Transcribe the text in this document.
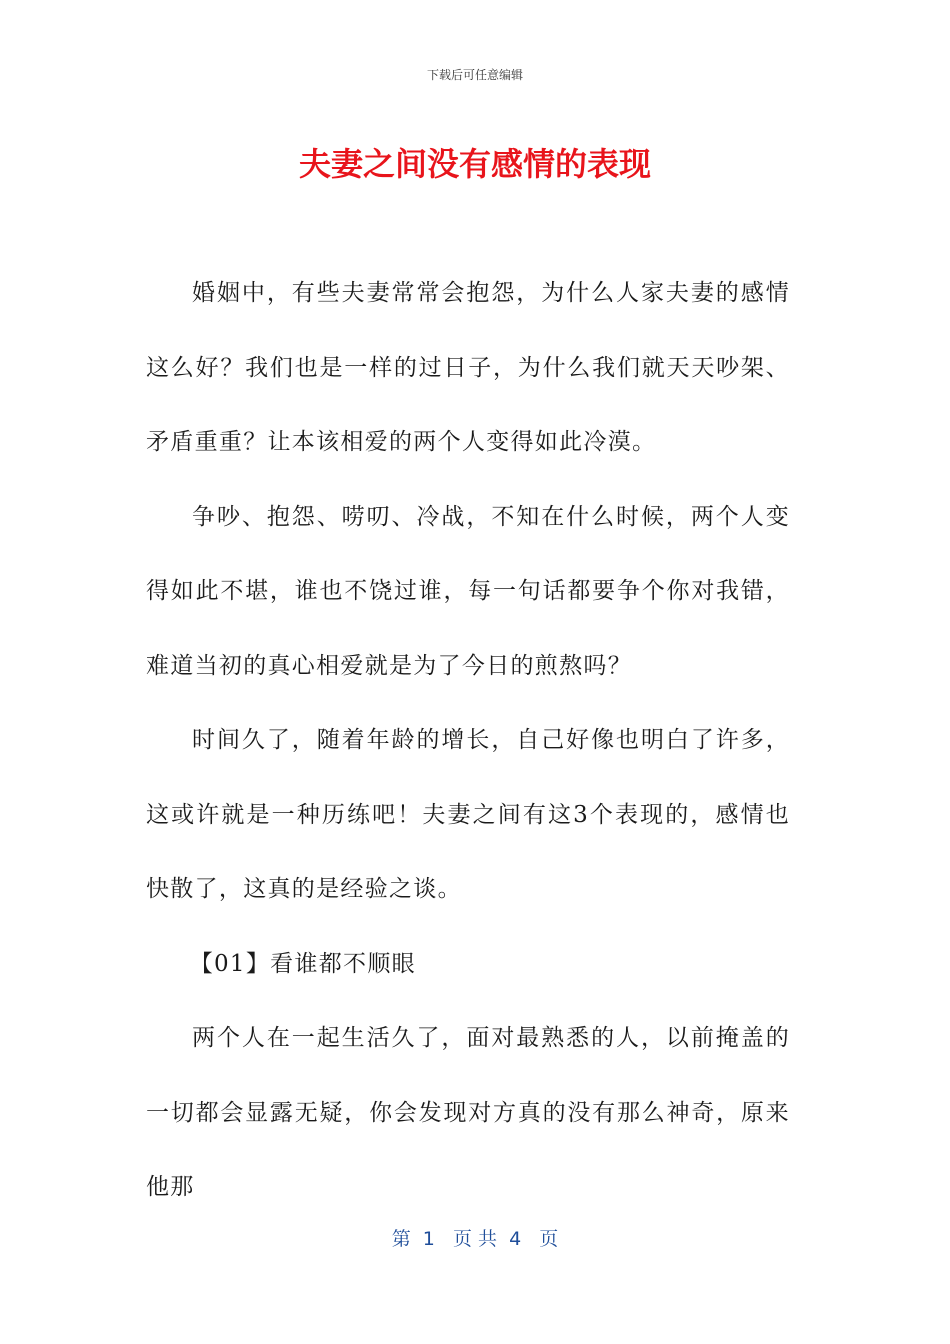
下载后可任意编辑
夫妻之间没有感情的表现

婚姻中，有些夫妻常常会抱怨，为什么人家夫妻的感情这么好？我们也是一样的过日子，为什么我们就天天吵架、矛盾重重？让本该相爱的两个人变得如此冷漠。

争吵、抱怨、唠叨、冷战，不知在什么时候，两个人变得如此不堪，谁也不饶过谁，每一句话都要争个你对我错，难道当初的真心相爱就是为了今日的煎熬吗？

时间久了，随着年龄的增长，自己好像也明白了许多，这或许就是一种历练吧！夫妻之间有这3个表现的，感情也快散了，这真的是经验之谈。

【01】看谁都不顺眼

两个人在一起生活久了，面对最熟悉的人，以前掩盖的一切都会显露无疑，你会发现对方真的没有那么神奇，原来他那

第  1   页 共  4   页
